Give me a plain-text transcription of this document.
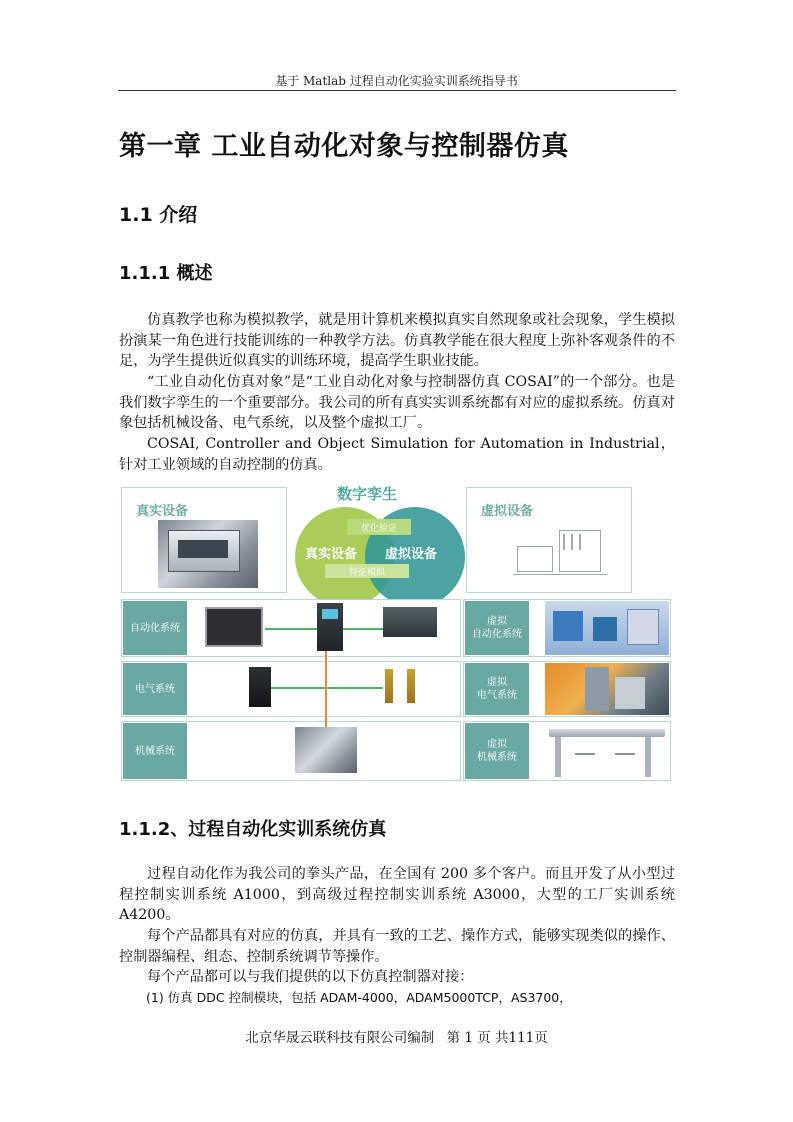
基于 Matlab 过程自动化实验实训系统指导书
第一章 工业自动化对象与控制器仿真
1.1 介绍
1.1.1 概述

仿真教学也称为模拟教学，就是用计算机来模拟真实自然现象或社会现象，学生模拟扮演某一角色进行技能训练的一种教学方法。仿真教学能在很大程度上弥补客观条件的不足，为学生提供近似真实的训练环境，提高学生职业技能。

“工业自动化仿真对象”是“工业自动化对象与控制器仿真 COSAI”的一个部分。也是我们数字孪生的一个重要部分。我公司的所有真实实训系统都有对应的虚拟系统。仿真对象包括机械设备、电气系统，以及整个虚拟工厂。

COSAI, Controller and Object Simulation for Automation in Industrial，针对工业领域的自动控制的仿真。

真实设备
数字孪生
优化验证
特征模拟
真实设备 虚拟设备
虚拟设备
自动化系统
虚拟
自动化系统
电气系统
虚拟
电气系统
机械系统
虚拟
机械系统
1.1.2、过程自动化实训系统仿真

过程自动化作为我公司的拳头产品，在全国有 200 多个客户。而且开发了从小型过程控制实训系统 A1000，到高级过程控制实训系统 A3000，大型的工厂实训系统 A4200。

每个产品都具有对应的仿真，并具有一致的工艺、操作方式，能够实现类似的操作、控制器编程、组态、控制系统调节等操作。

每个产品都可以与我们提供的以下仿真控制器对接：

(1) 仿真 DDC 控制模块，包括 ADAM-4000，ADAM5000TCP，AS3700，
北京华晟云联科技有限公司编制 第 1 页 共111页
